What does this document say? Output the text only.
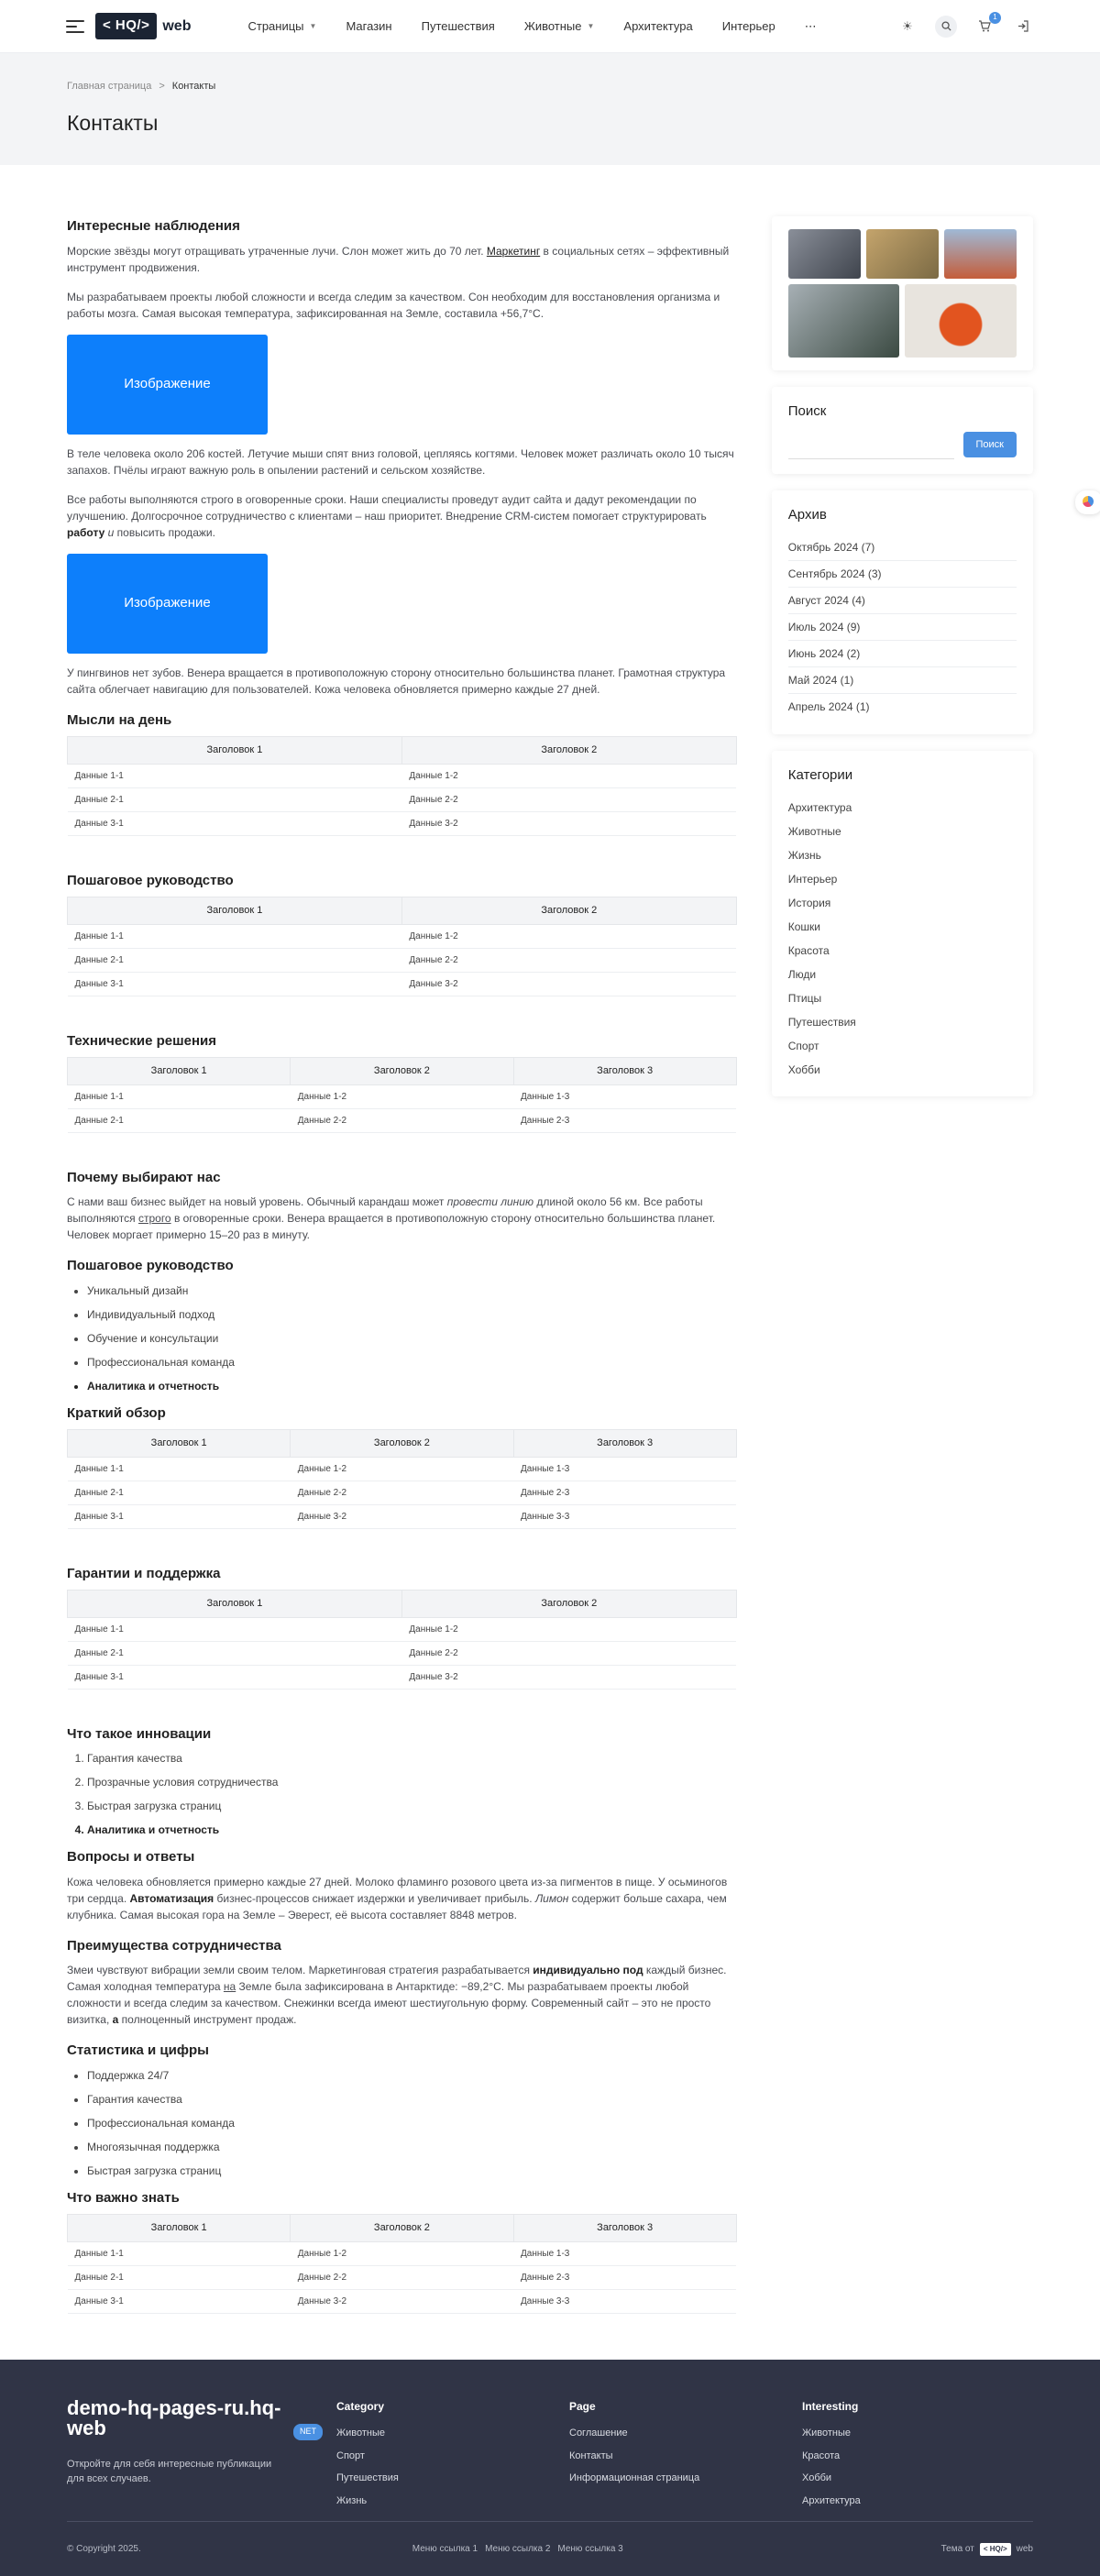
< HQ/> web	Страницы ▼ Магазин Путешествия Животные ▼ Архитектура Интерьер ⋯	☀
1
Главная страница > Контакты
Контакты
Интересные наблюдения

Морские звёзды могут отращивать утраченные лучи. Слон может жить до 70 лет. Маркетинг в социальных сетях – эффективный инструмент продвижения.

Мы разрабатываем проекты любой сложности и всегда следим за качеством. Сон необходим для восстановления организма и работы мозга. Самая высокая температура, зафиксированная на Земле, составила +56,7°C.

Изображение

В теле человека около 206 костей. Летучие мыши спят вниз головой, цепляясь когтями. Человек может различать около 10 тысяч запахов. Пчёлы играют важную роль в опылении растений и сельском хозяйстве.

Все работы выполняются строго в оговоренные сроки. Наши специалисты проведут аудит сайта и дадут рекомендации по улучшению. Долгосрочное сотрудничество с клиентами – наш приоритет. Внедрение CRM-систем помогает структурировать работу и повысить продажи.

Изображение

У пингвинов нет зубов. Венера вращается в противоположную сторону относительно большинства планет. Грамотная структура сайта облегчает навигацию для пользователей. Кожа человека обновляется примерно каждые 27 дней.

Мысли на день
Заголовок 1	Заголовок 2
Данные 1-1	Данные 1-2
Данные 2-1	Данные 2-2
Данные 3-1	Данные 3-2
Пошаговое руководство
Заголовок 1	Заголовок 2
Данные 1-1	Данные 1-2
Данные 2-1	Данные 2-2
Данные 3-1	Данные 3-2
Технические решения
Заголовок 1	Заголовок 2	Заголовок 3
Данные 1-1	Данные 1-2	Данные 1-3
Данные 2-1	Данные 2-2	Данные 2-3
Почему выбирают нас

С нами ваш бизнес выйдет на новый уровень. Обычный карандаш может провести линию длиной около 56 км. Все работы выполняются строго в оговоренные сроки. Венера вращается в противоположную сторону относительно большинства планет. Человек моргает примерно 15–20 раз в минуту.

Пошаговое руководство
• Уникальный дизайн
• Индивидуальный подход
• Обучение и консультации
• Профессиональная команда
• Аналитика и отчетность
Краткий обзор
Заголовок 1	Заголовок 2	Заголовок 3
Данные 1-1	Данные 1-2	Данные 1-3
Данные 2-1	Данные 2-2	Данные 2-3
Данные 3-1	Данные 3-2	Данные 3-3
Гарантии и поддержка
Заголовок 1	Заголовок 2
Данные 1-1	Данные 1-2
Данные 2-1	Данные 2-2
Данные 3-1	Данные 3-2
Что такое инновации
1. Гарантия качества
2. Прозрачные условия сотрудничества
3. Быстрая загрузка страниц
4. Аналитика и отчетность
Вопросы и ответы

Кожа человека обновляется примерно каждые 27 дней. Молоко фламинго розового цвета из-за пигментов в пище. У осьминогов три сердца. Автоматизация бизнес-процессов снижает издержки и увеличивает прибыль. Лимон содержит больше сахара, чем клубника. Самая высокая гора на Земле – Эверест, её высота составляет 8848 метров.

Преимущества сотрудничества

Змеи чувствуют вибрации земли своим телом. Маркетинговая стратегия разрабатывается индивидуально под каждый бизнес. Самая холодная температура на Земле была зафиксирована в Антарктиде: −89,2°C. Мы разрабатываем проекты любой сложности и всегда следим за качеством. Снежинки всегда имеют шестиугольную форму. Современный сайт – это не просто визитка, а полноценный инструмент продаж.

Статистика и цифры
• Поддержка 24/7
• Гарантия качества
• Профессиональная команда
• Многоязычная поддержка
• Быстрая загрузка страниц
Что важно знать
Заголовок 1	Заголовок 2	Заголовок 3
Данные 1-1	Данные 1-2	Данные 1-3
Данные 2-1	Данные 2-2	Данные 2-3
Данные 3-1	Данные 3-2	Данные 3-3
Поиск
Поиск
Архив
Октябрь 2024 (7)
Сентябрь 2024 (3)
Август 2024 (4)
Июль 2024 (9)
Июнь 2024 (2)
Май 2024 (1)
Апрель 2024 (1)
Категории
Архитектура
Животные
Жизнь
Интерьер
История
Кошки
Красота
Люди
Птицы
Путешествия
Спорт
Хобби
demo-hq-pages-ru.hq-web	NET

Откройте для себя интересные публикации для всех случаев.

Category
Животные
Спорт
Путешествия
Жизнь
Page
Соглашение
Контакты
Информационная страница
Interesting
Животные
Красота
Хобби
Архитектура
© Copyright 2025.	Меню ссылка 1 Меню ссылка 2 Меню ссылка 3	Тема от	< HQ/>	web
